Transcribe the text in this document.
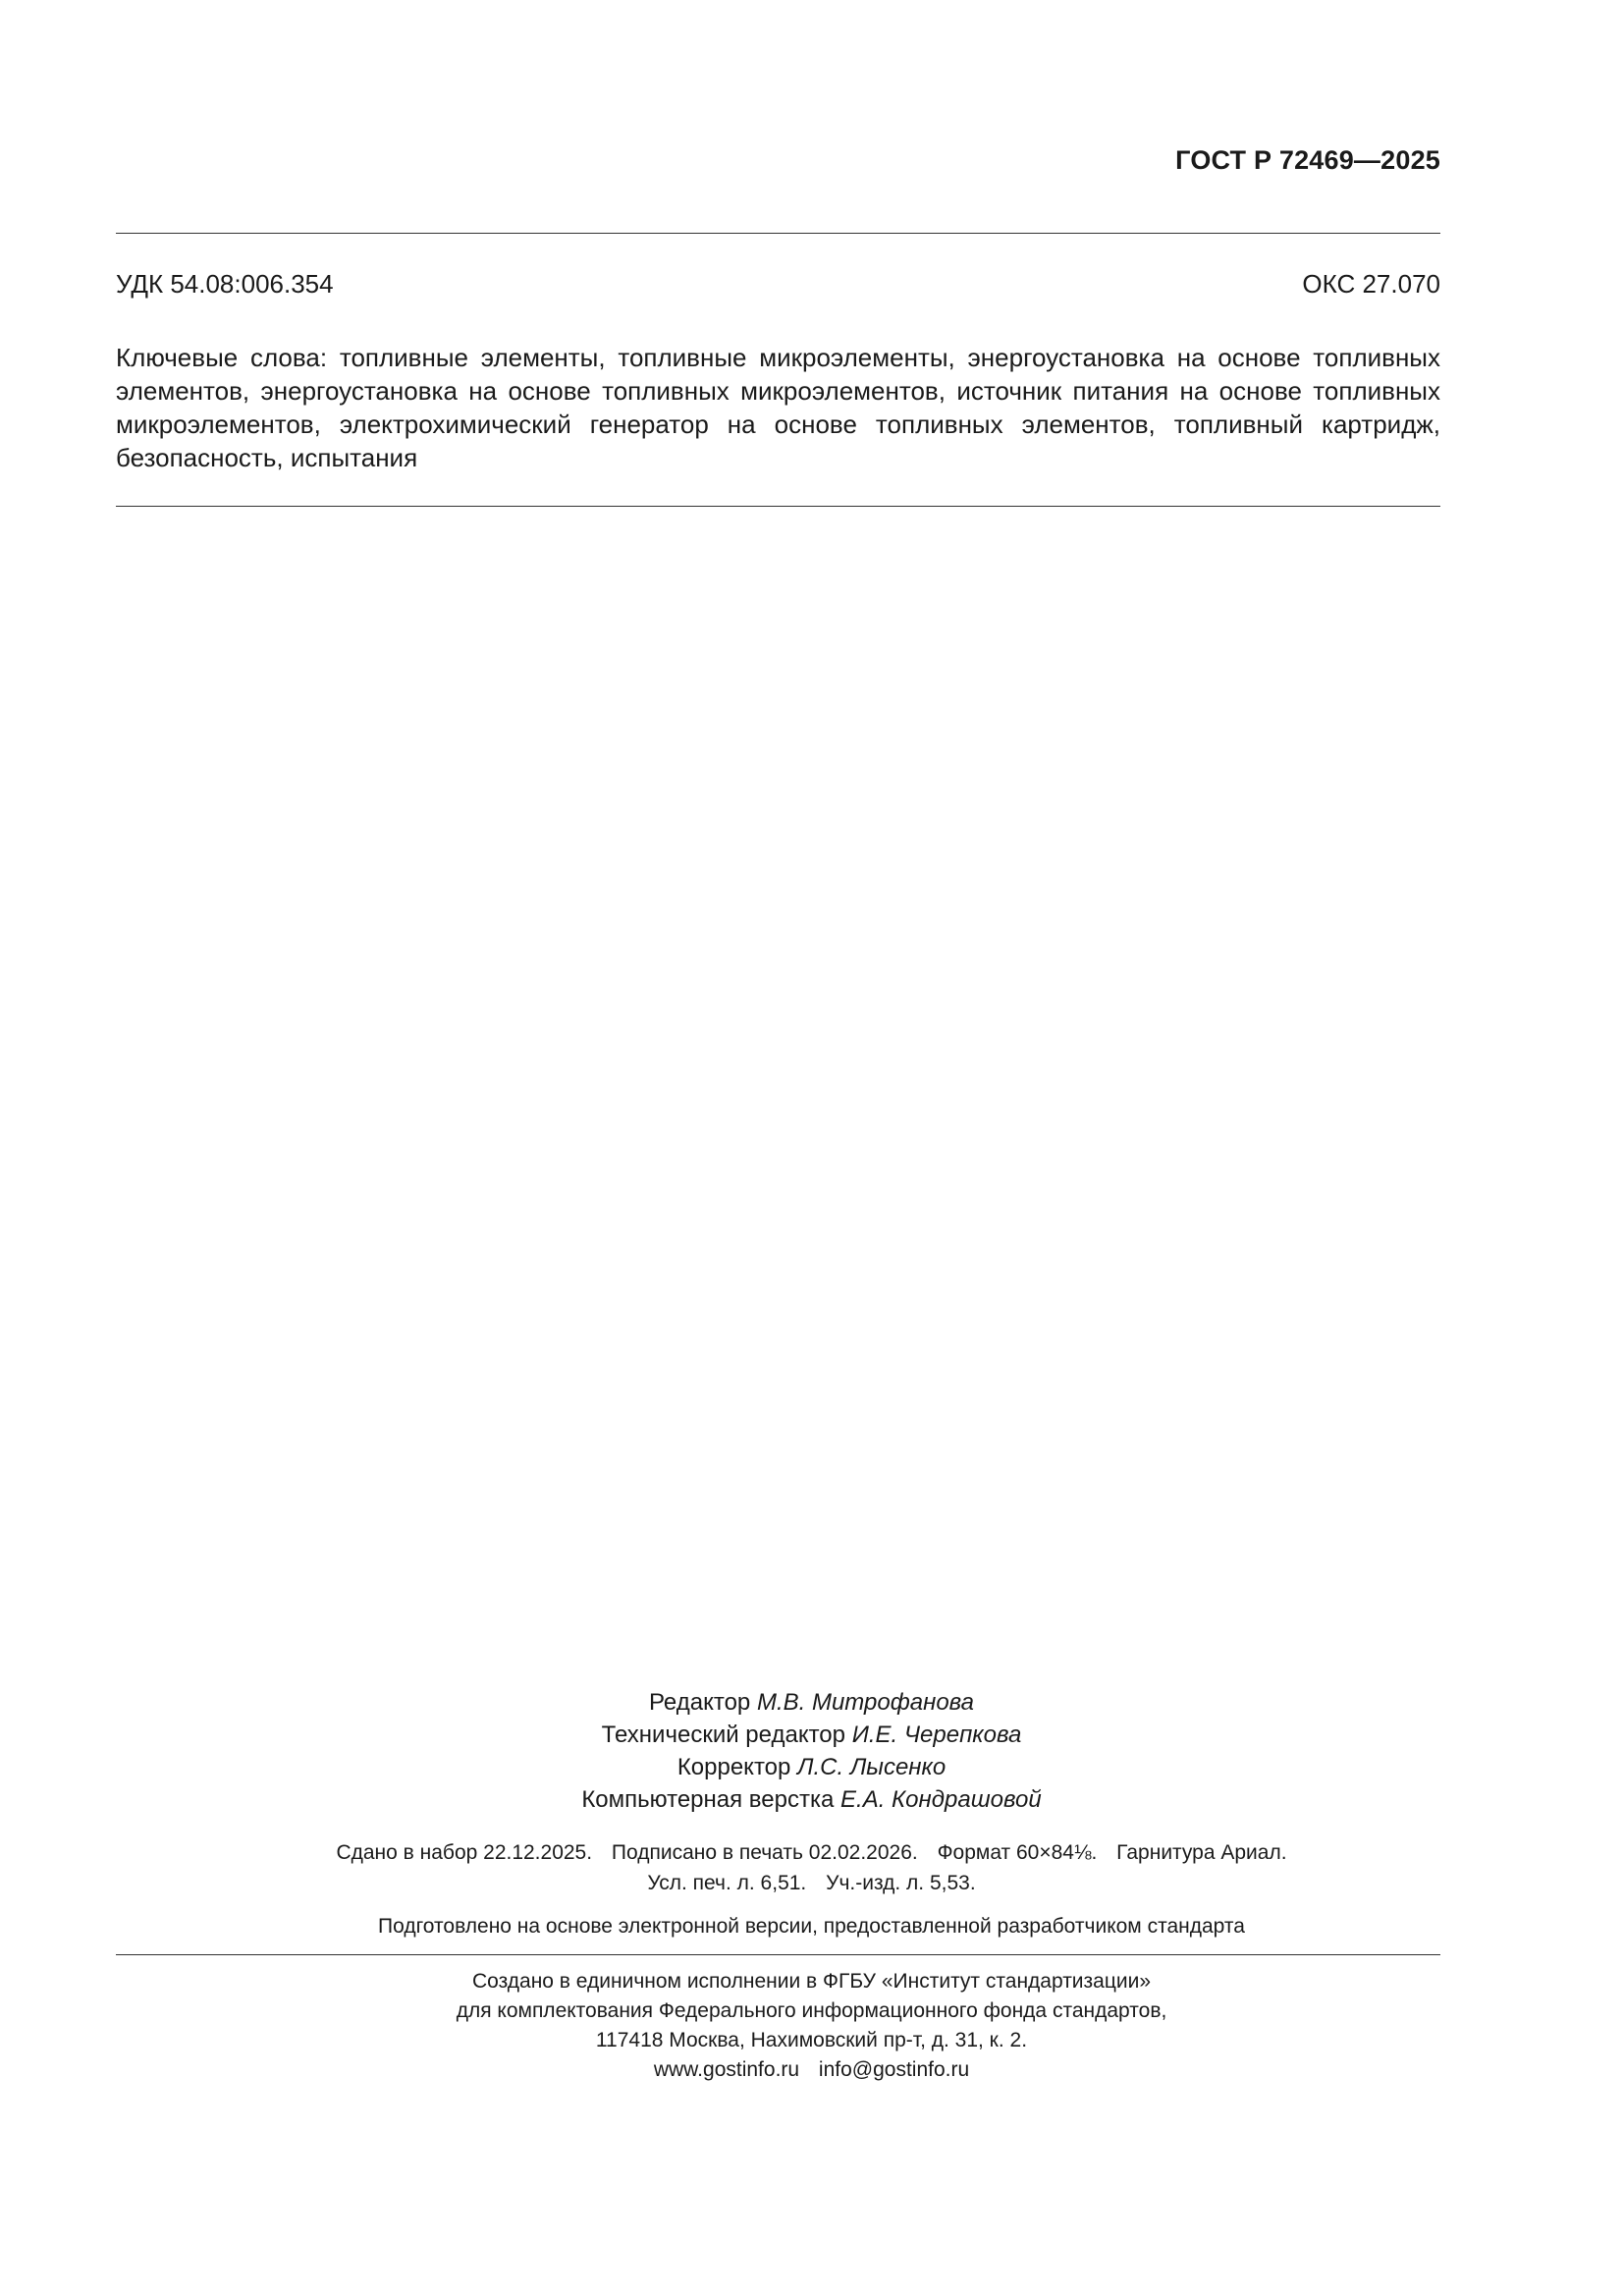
ГОСТ Р 72469—2025
УДК 54.08:006.354	ОКС 27.070
Ключевые слова: топливные элементы, топливные микроэлементы, энергоустановка на основе топливных элементов, энергоустановка на основе топливных микроэлементов, источник питания на основе топливных микроэлементов, электрохимический генератор на основе топливных элементов, топливный картридж, безопасность, испытания
Редактор М.В. Митрофанова
Технический редактор И.Е. Черепкова
Корректор Л.С. Лысенко
Компьютерная верстка Е.А. Кондрашовой
Сдано в набор 22.12.2025. Подписано в печать 02.02.2026. Формат 60×84⅛. Гарнитура Ариал.
Усл. печ. л. 6,51. Уч.-изд. л. 5,53.
Подготовлено на основе электронной версии, предоставленной разработчиком стандарта
Создано в единичном исполнении в ФГБУ «Институт стандартизации»
для комплектования Федерального информационного фонда стандартов,
117418 Москва, Нахимовский пр-т, д. 31, к. 2.
www.gostinfo.ru info@gostinfo.ru
